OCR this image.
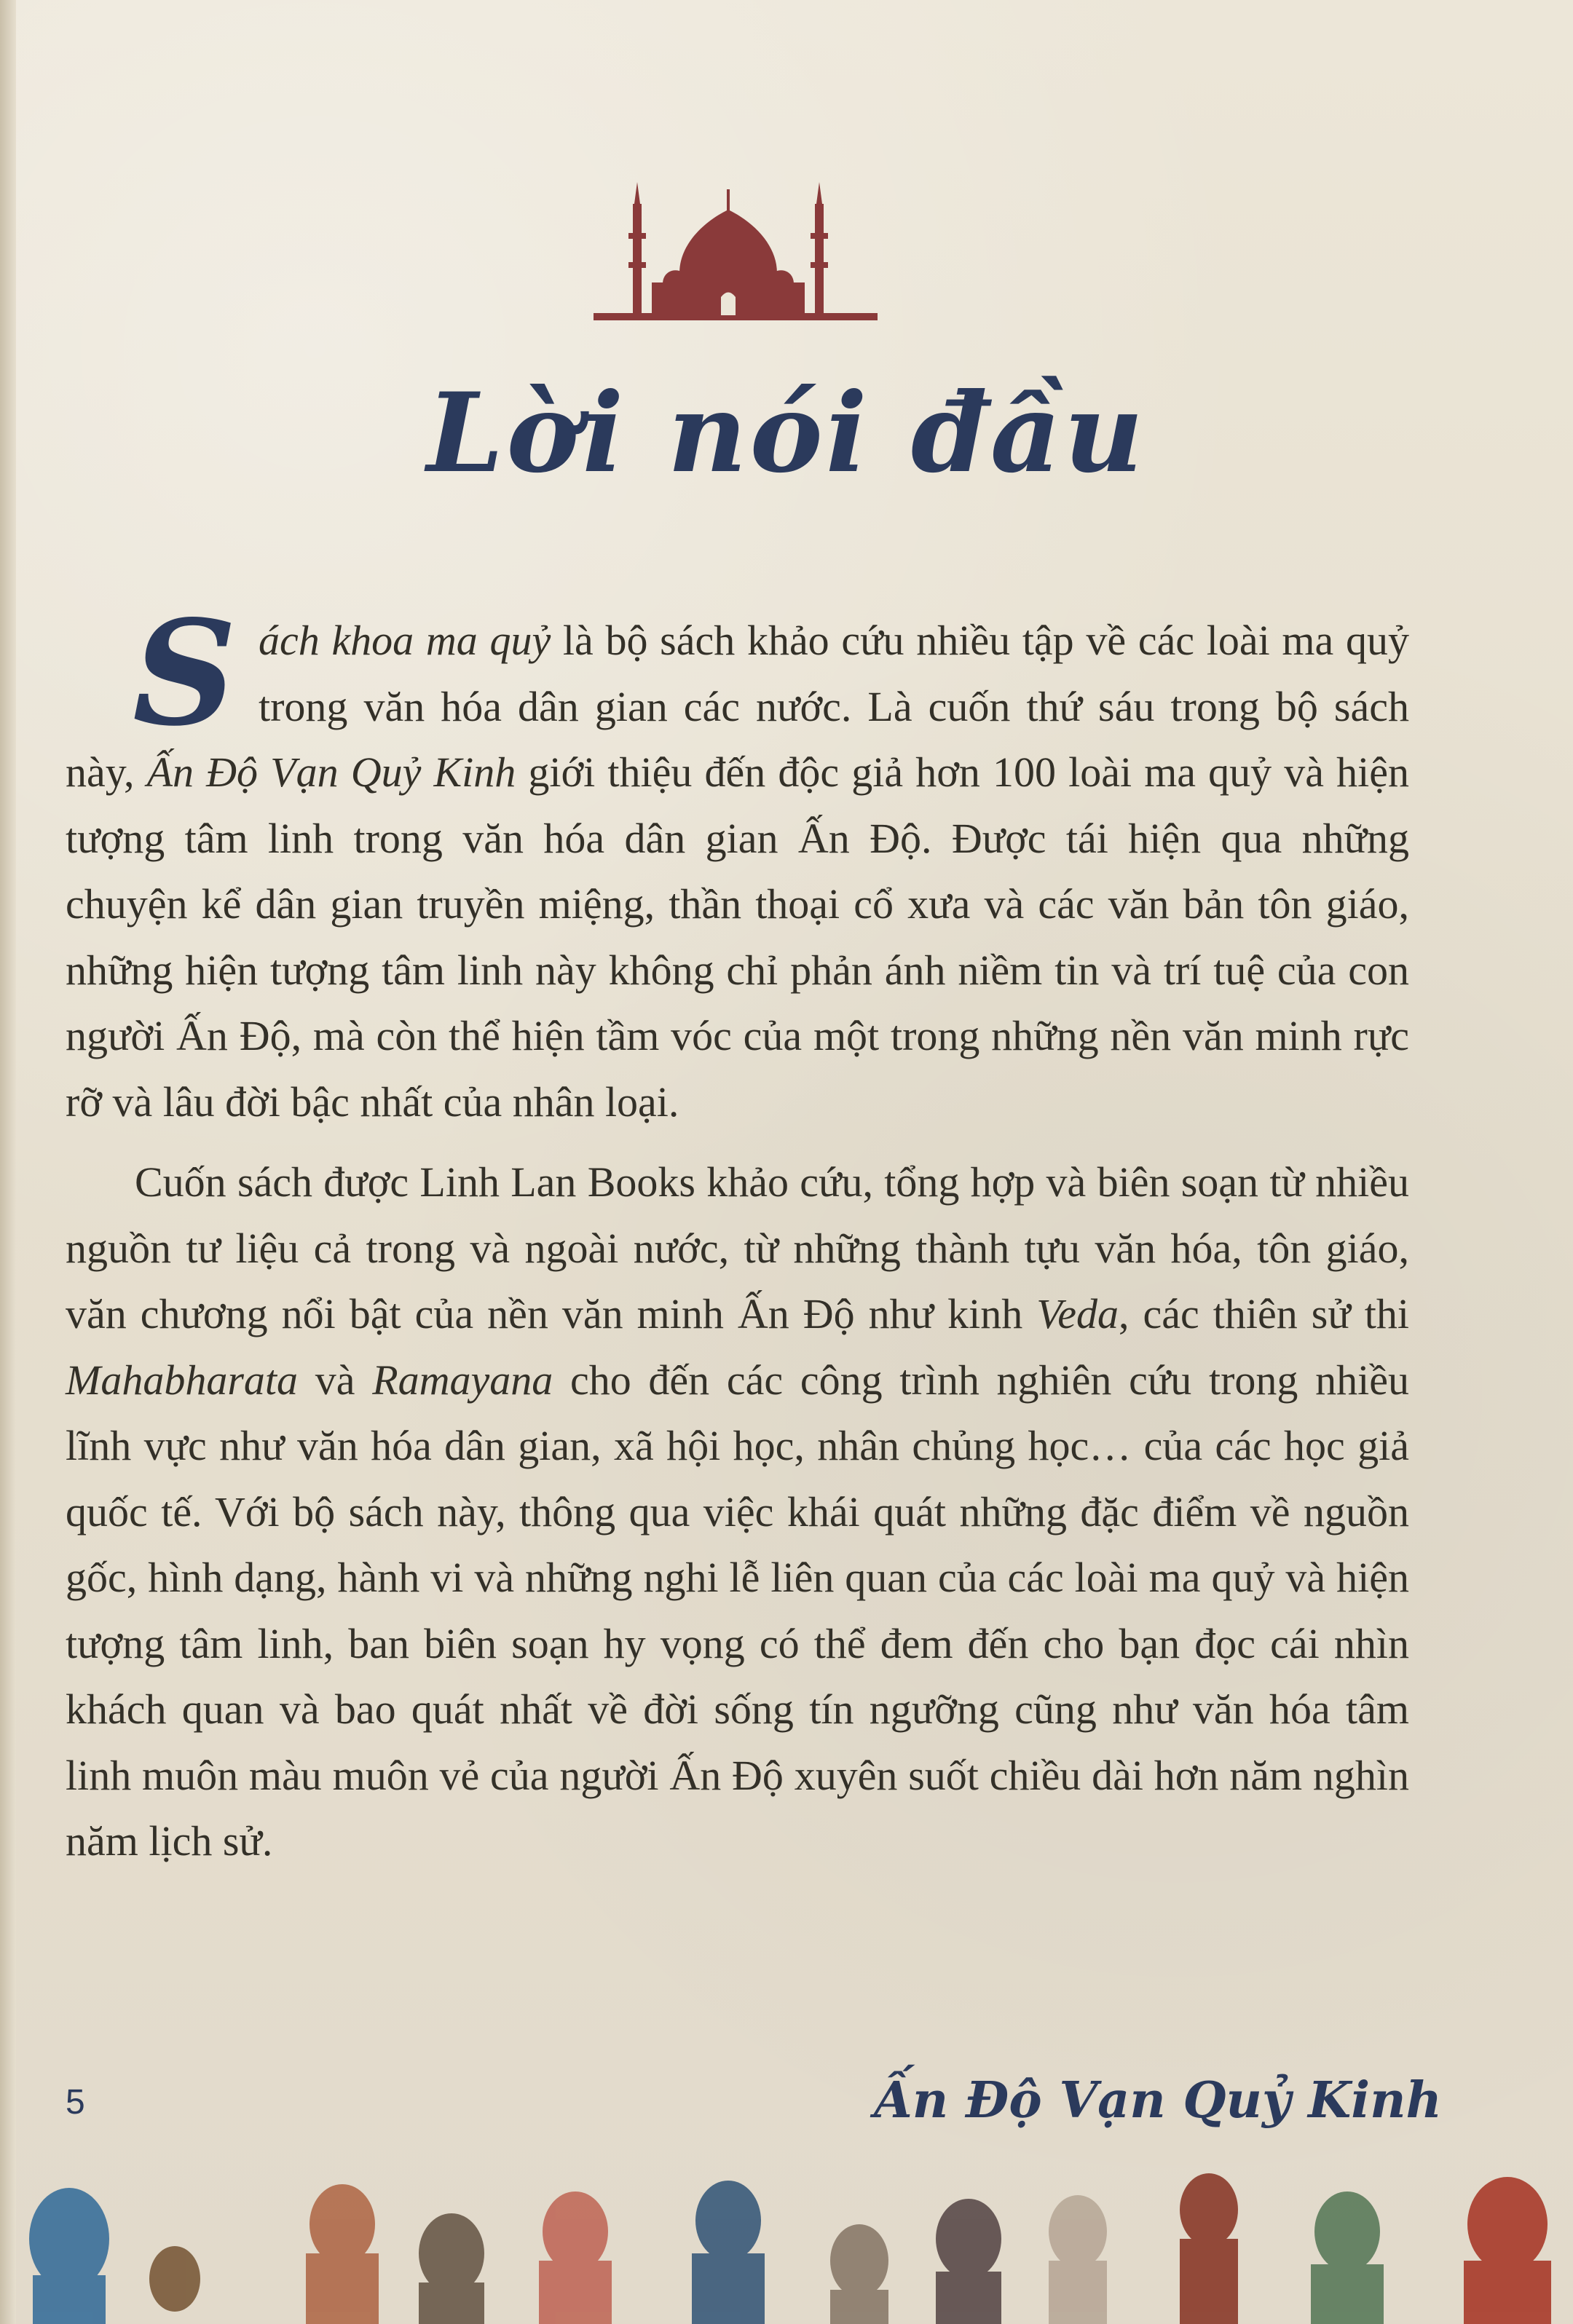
Lời nói đầu

Sách khoa ma quỷ là bộ sách khảo cứu nhiều tập về các loài ma quỷ trong văn hóa dân gian các nước. Là cuốn thứ sáu trong bộ sách này, Ấn Độ Vạn Quỷ Kinh giới thiệu đến độc giả hơn 100 loài ma quỷ và hiện tượng tâm linh trong văn hóa dân gian Ấn Độ. Được tái hiện qua những chuyện kể dân gian truyền miệng, thần thoại cổ xưa và các văn bản tôn giáo, những hiện tượng tâm linh này không chỉ phản ánh niềm tin và trí tuệ của con người Ấn Độ, mà còn thể hiện tầm vóc của một trong những nền văn minh rực rỡ và lâu đời bậc nhất của nhân loại.

Cuốn sách được Linh Lan Books khảo cứu, tổng hợp và biên soạn từ nhiều nguồn tư liệu cả trong và ngoài nước, từ những thành tựu văn hóa, tôn giáo, văn chương nổi bật của nền văn minh Ấn Độ như kinh Veda, các thiên sử thi Mahabharata và Ramayana cho đến các công trình nghiên cứu trong nhiều lĩnh vực như văn hóa dân gian, xã hội học, nhân chủng học… của các học giả quốc tế. Với bộ sách này, thông qua việc khái quát những đặc điểm về nguồn gốc, hình dạng, hành vi và những nghi lễ liên quan của các loài ma quỷ và hiện tượng tâm linh, ban biên soạn hy vọng có thể đem đến cho bạn đọc cái nhìn khách quan và bao quát nhất về đời sống tín ngưỡng cũng như văn hóa tâm linh muôn màu muôn vẻ của người Ấn Độ xuyên suốt chiều dài hơn năm nghìn năm lịch sử.

5	Ấn Độ Vạn Quỷ Kinh
